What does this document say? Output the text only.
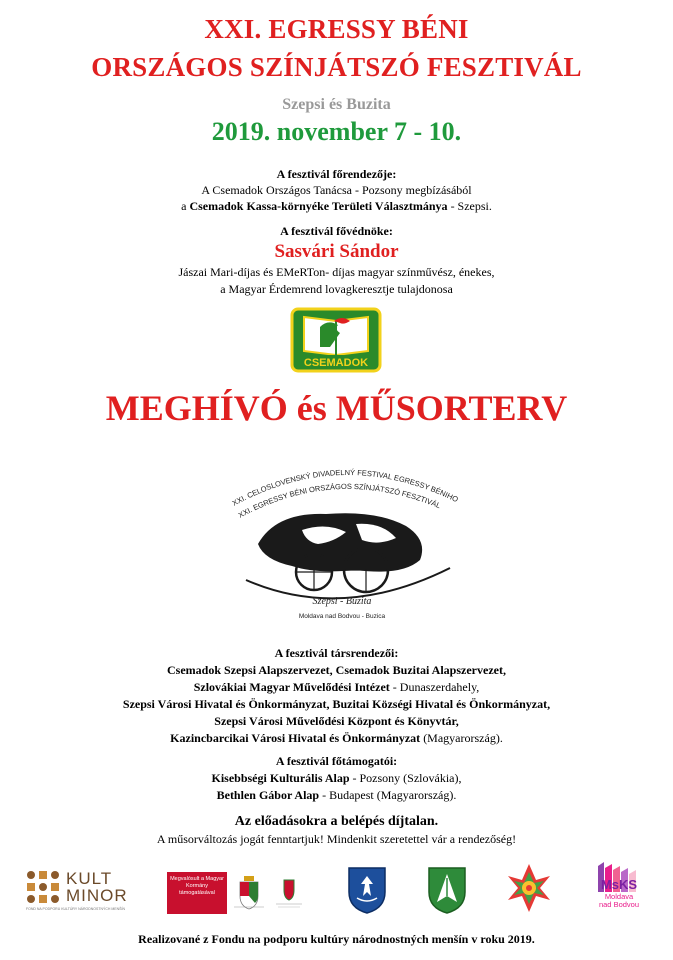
XXI. EGRESSY BÉNI
ORSZÁGOS SZÍNJÁTSZÓ FESZTIVÁL
Szepsi és Buzita
2019. november 7 - 10.
A fesztivál főrendezője:
A Csemadok Országos Tanácsa - Pozsony megbízásából
a Csemadok Kassa-környéke Területi Választmánya - Szepsi.
A fesztivál fővédnöke:
Sasvári Sándor
Jászai Mari-díjas és EMeRTon- díjas magyar színművész, énekes,
a Magyar Érdemrend lovagkeresztje tulajdonosa
CSEMADOK
MEGHÍVÓ és MŰSORTERV
XXI. CELOSLOVENSKÝ DIVADELNÝ FESTIVAL EGRESSY BÉNIHO
XXI. EGRESSY BÉNI ORSZÁGOS SZÍNJÁTSZÓ FESZTIVÁL
Szepsi - Buzita
Moldava nad Bodvou - Buzica
A fesztivál társrendezői:
Csemadok Szepsi Alapszervezet, Csemadok Buzitai Alapszervezet,
Szlovákiai Magyar Művelődési Intézet - Dunaszerdahely,
Szepsi Városi Hivatal és Önkormányzat, Buzitai Községi Hivatal és Önkormányzat,
Szepsi Városi Művelődési Központ és Könyvtár,
Kazincbarcikai Városi Hivatal és Önkormányzat (Magyarország).
A fesztivál főtámogatói:
Kisebbségi Kulturális Alap - Pozsony (Szlovákia),
Bethlen Gábor Alap - Budapest (Magyarország).
Az előadásokra a belépés díjtalan.
A műsorváltozás jogát fenntartjuk! Mindenkit szeretettel vár a rendezőség!
KULT
MINOR
FOND NA PODPORU KULTÚRY NÁRODNOSTNÝCH MENŠÍN
Megvalósult a Magyar Kormány támogatásával
MsKS
Moldava
nad Bodvou
Realizované z Fondu na podporu kultúry národnostných menšín v roku 2019.
